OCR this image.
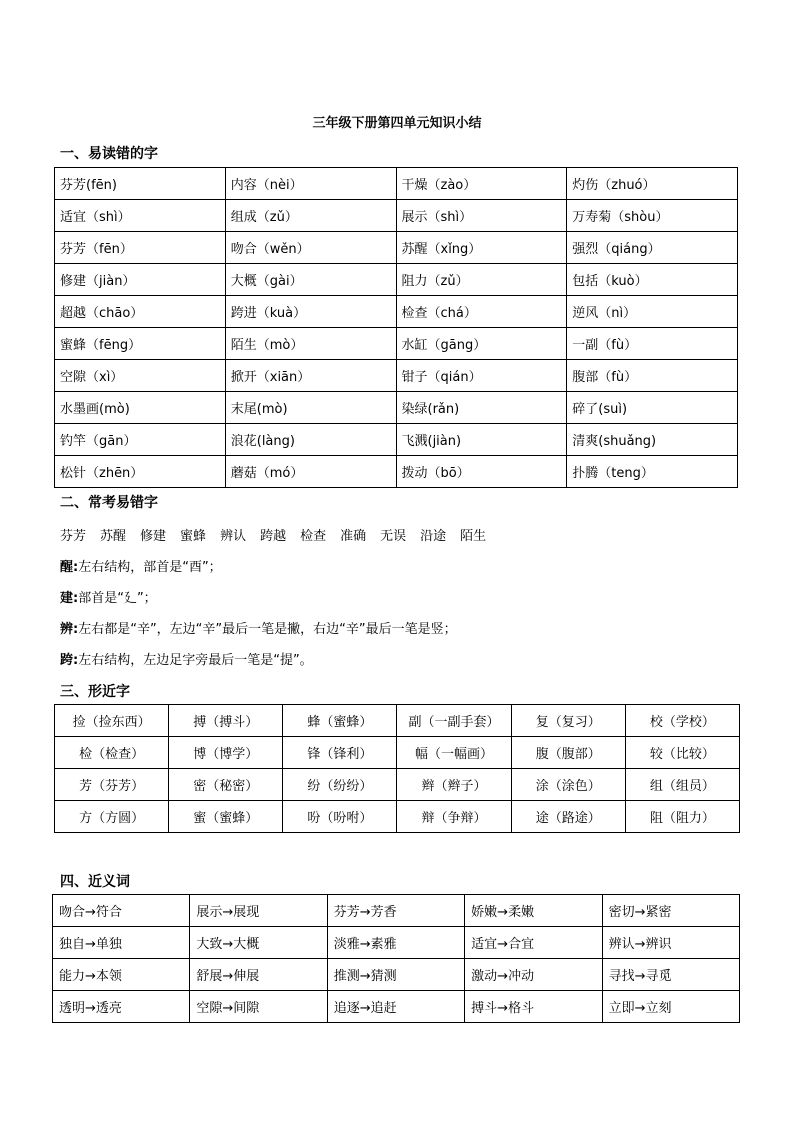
三年级下册第四单元知识小结
一、易读错的字
芬芳(fēn)	内容（nèi）	干燥（zào）	灼伤（zhuó）
适宜（shì）	组成（zǔ）	展示（shì）	万寿菊（shòu）
芬芳（fēn）	吻合（wěn）	苏醒（xǐng）	强烈（qiáng）
修建（jiàn）	大概（gài）	阻力（zǔ）	包括（kuò）
超越（chāo）	跨进（kuà）	检查（chá）	逆风（nì）
蜜蜂（fēng）	陌生（mò）	水缸（gāng）	一副（fù）
空隙（xì）	掀开（xiān）	钳子（qián）	腹部（fù）
水墨画(mò)	末尾(mò)	染绿(rǎn)	碎了(suì)
钓竿（gān）	浪花(làng)	飞溅(jiàn)	清爽(shuǎng)
松针（zhēn）	蘑菇（mó）	拨动（bō）	扑腾（teng）
二、常考易错字
芬芳 苏醒 修建 蜜蜂 辨认 跨越 检查 准确 无误 沿途 陌生
醒:左右结构，部首是“酉”；
建:部首是“廴”；
辨:左右都是“辛”，左边“辛”最后一笔是撇，右边“辛”最后一笔是竖；
跨:左右结构，左边足字旁最后一笔是“提”。
三、形近字
捡（捡东西）	搏（搏斗）	蜂（蜜蜂）	副（一副手套）	复（复习）	校（学校）
检（检查）	博（博学）	锋（锋利）	幅（一幅画）	腹（腹部）	较（比较）
芳（芬芳）	密（秘密）	纷（纷纷）	辫（辫子）	涂（涂色）	组（组员）
方（方圆）	蜜（蜜蜂）	吩（吩咐）	辩（争辩）	途（路途）	阻（阻力）
四、近义词
吻合→符合	展示→展现	芬芳→芳香	娇嫩→柔嫩	密切→紧密
独自→单独	大致→大概	淡雅→素雅	适宜→合宜	辨认→辨识
能力→本领	舒展→伸展	推测→猜测	激动→冲动	寻找→寻觅
透明→透亮	空隙→间隙	追逐→追赶	搏斗→格斗	立即→立刻
